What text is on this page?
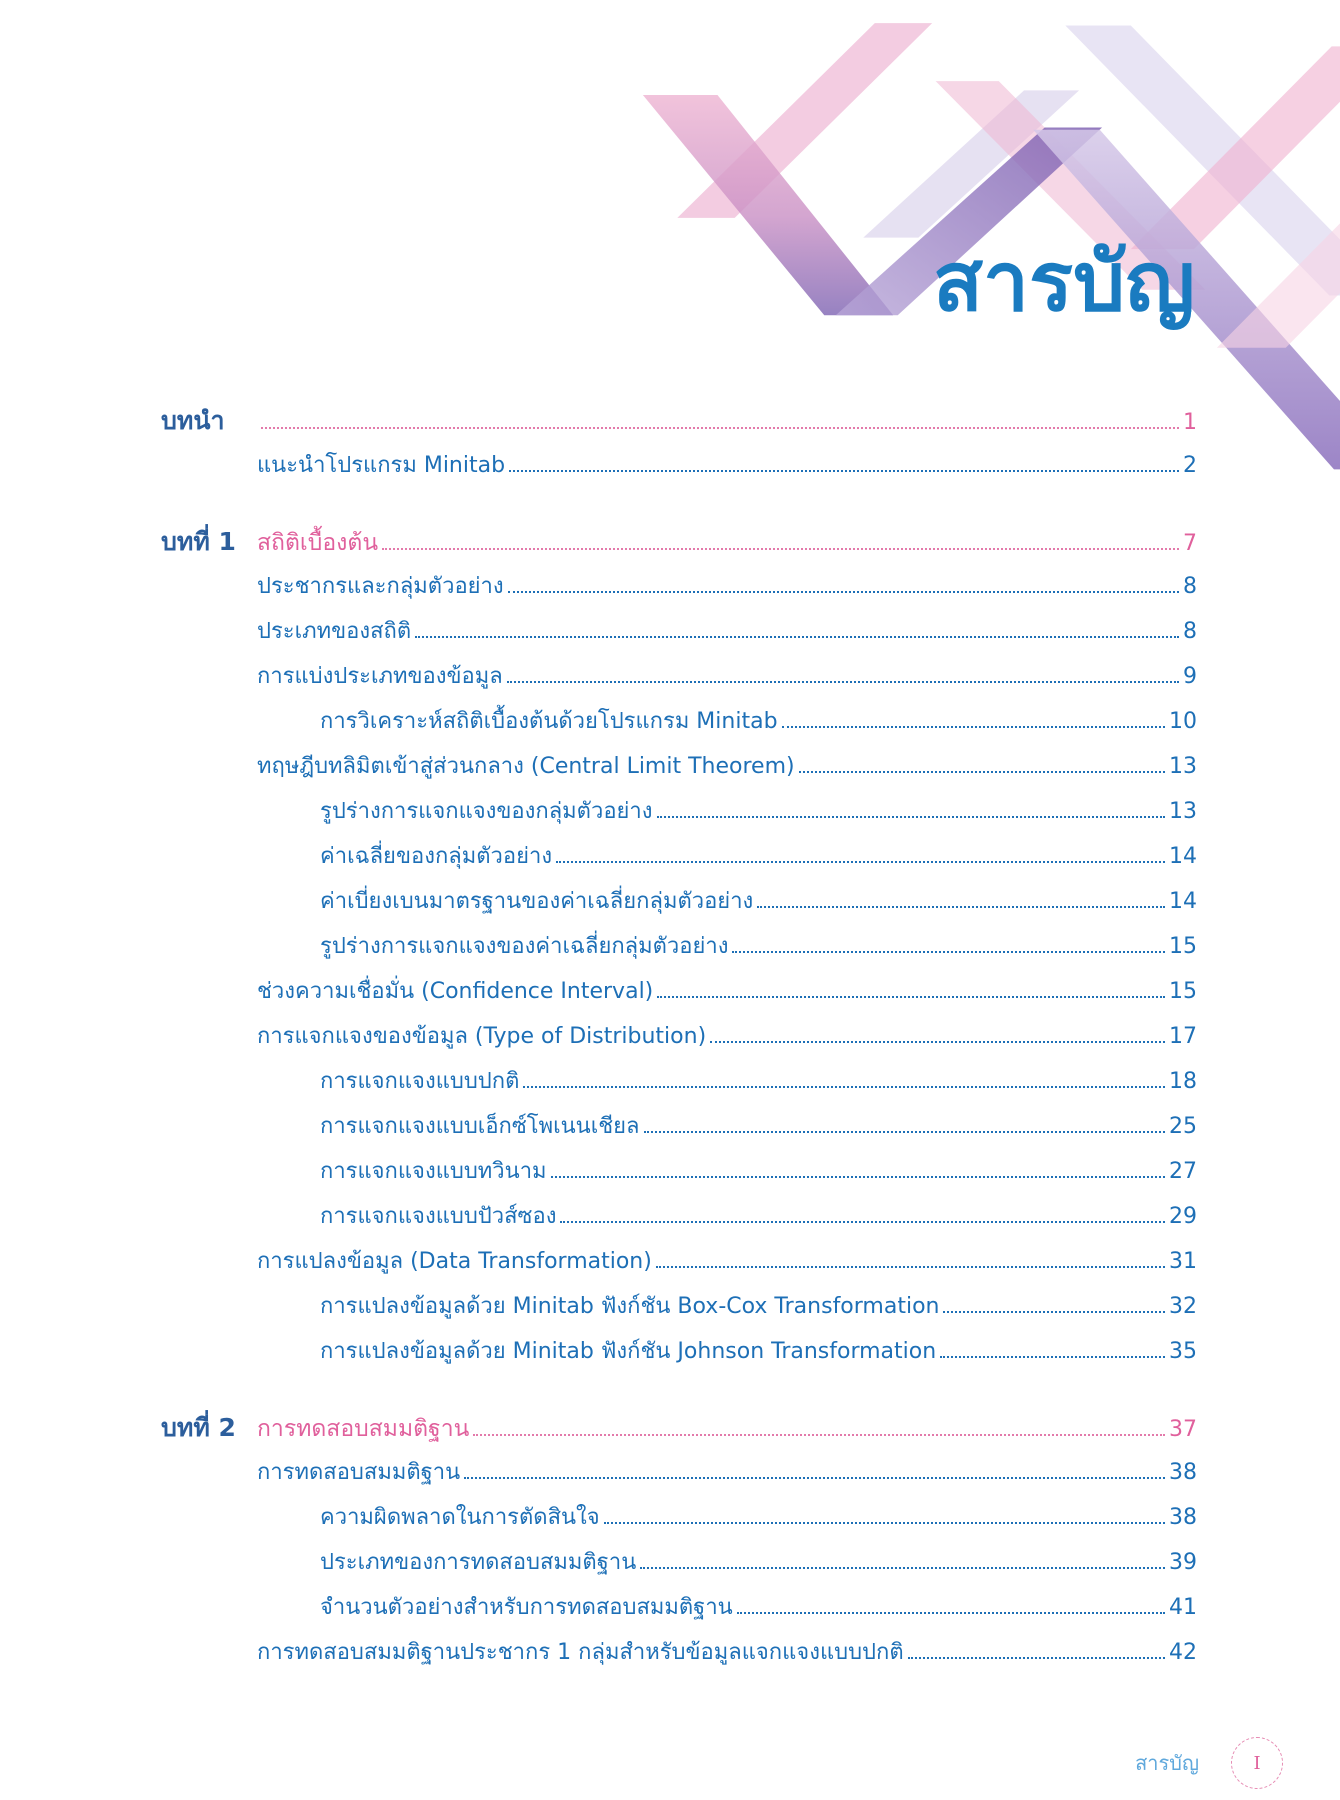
สารบัญ
บทนำ	1
แนะนำโปรแกรม Minitab	2
บทที่ 1 สถิติเบื้องต้น	7
ประชากรและกลุ่มตัวอย่าง	8
ประเภทของสถิติ	8
การแบ่งประเภทของข้อมูล	9
การวิเคราะห์สถิติเบื้องต้นด้วยโปรแกรม Minitab	10
ทฤษฎีบทลิมิตเข้าสู่ส่วนกลาง (Central Limit Theorem)	13
รูปร่างการแจกแจงของกลุ่มตัวอย่าง	13
ค่าเฉลี่ยของกลุ่มตัวอย่าง	14
ค่าเบี่ยงเบนมาตรฐานของค่าเฉลี่ยกลุ่มตัวอย่าง	14
รูปร่างการแจกแจงของค่าเฉลี่ยกลุ่มตัวอย่าง	15
ช่วงความเชื่อมั่น (Confidence Interval)	15
การแจกแจงของข้อมูล (Type of Distribution)	17
การแจกแจงแบบปกติ	18
การแจกแจงแบบเอ็กซ์โพเนนเชียล	25
การแจกแจงแบบทวินาม	27
การแจกแจงแบบปัวส์ซอง	29
การแปลงข้อมูล (Data Transformation)	31
การแปลงข้อมูลด้วย Minitab ฟังก์ชัน Box-Cox Transformation	32
การแปลงข้อมูลด้วย Minitab ฟังก์ชัน Johnson Transformation	35
บทที่ 2 การทดสอบสมมติฐาน	37
การทดสอบสมมติฐาน	38
ความผิดพลาดในการตัดสินใจ	38
ประเภทของการทดสอบสมมติฐาน	39
จำนวนตัวอย่างสำหรับการทดสอบสมมติฐาน	41
การทดสอบสมมติฐานประชากร 1 กลุ่มสำหรับข้อมูลแจกแจงแบบปกติ	42
สารบัญ	I
